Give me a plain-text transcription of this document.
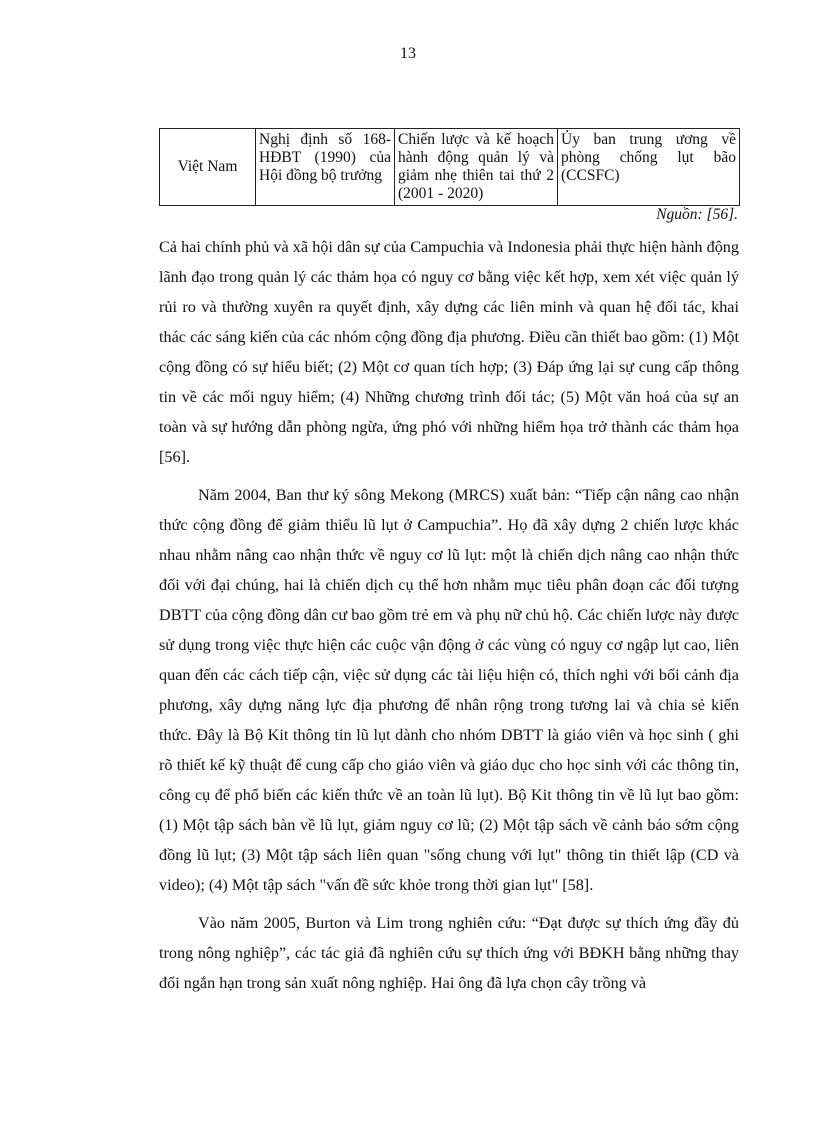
13
Việt Nam	Nghị định số 168-HĐBT (1990) của Hội đồng bộ trưởng	Chiến lược và kế hoạch hành động quản lý và giảm nhẹ thiên tai thứ 2 (2001 - 2020)	Ủy ban trung ương về phòng chống lụt bão (CCSFC)
Nguồn: [56].

Cả hai chính phủ và xã hội dân sự của Campuchia và Indonesia phải thực hiện hành động lãnh đạo trong quản lý các thảm họa có nguy cơ bằng việc kết hợp, xem xét việc quản lý rủi ro và thường xuyên ra quyết định, xây dựng các liên minh và quan hệ đối tác, khai thác các sáng kiến của các nhóm cộng đồng địa phương. Điều cần thiết bao gồm: (1) Một cộng đồng có sự hiểu biết; (2) Một cơ quan tích hợp; (3) Đáp ứng lại sự cung cấp thông tin về các mối nguy hiểm; (4) Những chương trình đối tác; (5) Một văn hoá của sự an toàn và sự hướng dẫn phòng ngừa, ứng phó với những hiểm họa trở thành các thảm họa [56].

Năm 2004, Ban thư ký sông Mekong (MRCS) xuất bản: “Tiếp cận nâng cao nhận thức cộng đồng để giảm thiểu lũ lụt ở Campuchia”. Họ đã xây dựng 2 chiến lược khác nhau nhằm nâng cao nhận thức về nguy cơ lũ lụt: một là chiến dịch nâng cao nhận thức đối với đại chúng, hai là chiến dịch cụ thể hơn nhằm mục tiêu phân đoạn các đối tượng DBTT của cộng đồng dân cư bao gồm trẻ em và phụ nữ chủ hộ. Các chiến lược này được sử dụng trong việc thực hiện các cuộc vận động ở các vùng có nguy cơ ngập lụt cao, liên quan đến các cách tiếp cận, việc sử dụng các tài liệu hiện có, thích nghi với bối cảnh địa phương, xây dựng năng lực địa phương để nhân rộng trong tương lai và chia sẻ kiến thức. Đây là Bộ Kit thông tin lũ lụt dành cho nhóm DBTT là giáo viên và học sinh ( ghi rõ thiết kế kỹ thuật để cung cấp cho giáo viên và giáo dục cho học sinh với các thông tin, công cụ để phổ biến các kiến thức về an toàn lũ lụt). Bộ Kit thông tin về lũ lụt bao gồm: (1) Một tập sách bàn về lũ lụt, giảm nguy cơ lũ; (2) Một tập sách về cảnh báo sớm cộng đồng lũ lụt; (3) Một tập sách liên quan "sống chung với lụt" thông tin thiết lập (CD và video); (4) Một tập sách "vấn đề sức khỏe trong thời gian lụt" [58].

Vào năm 2005, Burton và Lim trong nghiên cứu: “Đạt được sự thích ứng đầy đủ trong nông nghiệp”, các tác giả đã nghiên cứu sự thích ứng với BĐKH bằng những thay đổi ngắn hạn trong sản xuất nông nghiệp. Hai ông đã lựa chọn cây trồng và
